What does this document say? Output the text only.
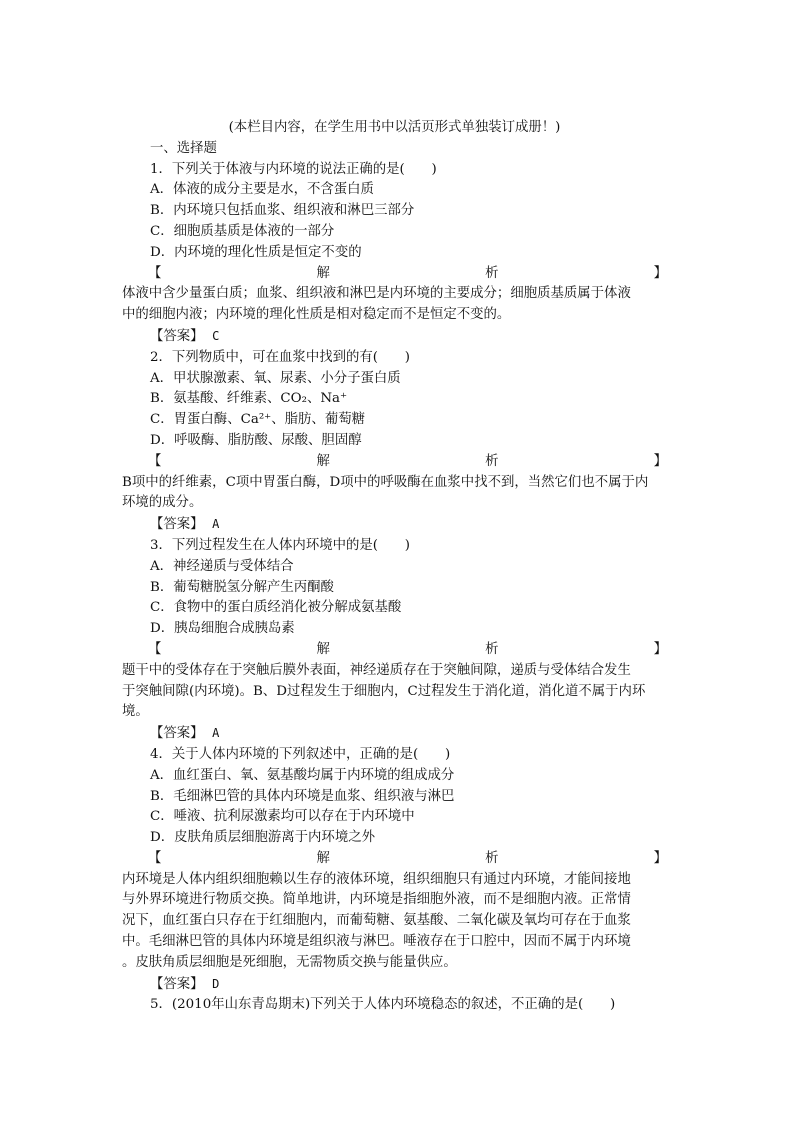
(本栏目内容，在学生用书中以活页形式单独装订成册！)
一、选择题
1．下列关于体液与内环境的说法正确的是(　　)
A．体液的成分主要是水，不含蛋白质
B．内环境只包括血浆、组织液和淋巴三部分
C．细胞质基质是体液的一部分
D．内环境的理化性质是恒定不变的
【	解	析	】
体液中含少量蛋白质；血浆、组织液和淋巴是内环境的主要成分；细胞质基质属于体液
中的细胞内液；内环境的理化性质是相对稳定而不是恒定不变的。
【答案】 C
2．下列物质中，可在血浆中找到的有(　　)
A．甲状腺激素、氧、尿素、小分子蛋白质
B．氨基酸、纤维素、CO₂、Na⁺
C．胃蛋白酶、Ca²⁺、脂肪、葡萄糖
D．呼吸酶、脂肪酸、尿酸、胆固醇
【	解	析	】
B项中的纤维素，C项中胃蛋白酶，D项中的呼吸酶在血浆中找不到，当然它们也不属于内
环境的成分。
【答案】 A
3．下列过程发生在人体内环境中的是(　　)
A．神经递质与受体结合
B．葡萄糖脱氢分解产生丙酮酸
C．食物中的蛋白质经消化被分解成氨基酸
D．胰岛细胞合成胰岛素
【	解	析	】
题干中的受体存在于突触后膜外表面，神经递质存在于突触间隙，递质与受体结合发生
于突触间隙(内环境)。B、D过程发生于细胞内，C过程发生于消化道，消化道不属于内环
境。
【答案】 A
4．关于人体内环境的下列叙述中，正确的是(　　)
A．血红蛋白、氧、氨基酸均属于内环境的组成成分
B．毛细淋巴管的具体内环境是血浆、组织液与淋巴
C．唾液、抗利尿激素均可以存在于内环境中
D．皮肤角质层细胞游离于内环境之外
【	解	析	】
内环境是人体内组织细胞赖以生存的液体环境，组织细胞只有通过内环境，才能间接地
与外界环境进行物质交换。简单地讲，内环境是指细胞外液，而不是细胞内液。正常情
况下，血红蛋白只存在于红细胞内，而葡萄糖、氨基酸、二氧化碳及氧均可存在于血浆
中。毛细淋巴管的具体内环境是组织液与淋巴。唾液存在于口腔中，因而不属于内环境
。皮肤角质层细胞是死细胞，无需物质交换与能量供应。
【答案】 D
5．(2010年山东青岛期末)下列关于人体内环境稳态的叙述，不正确的是(　　)
